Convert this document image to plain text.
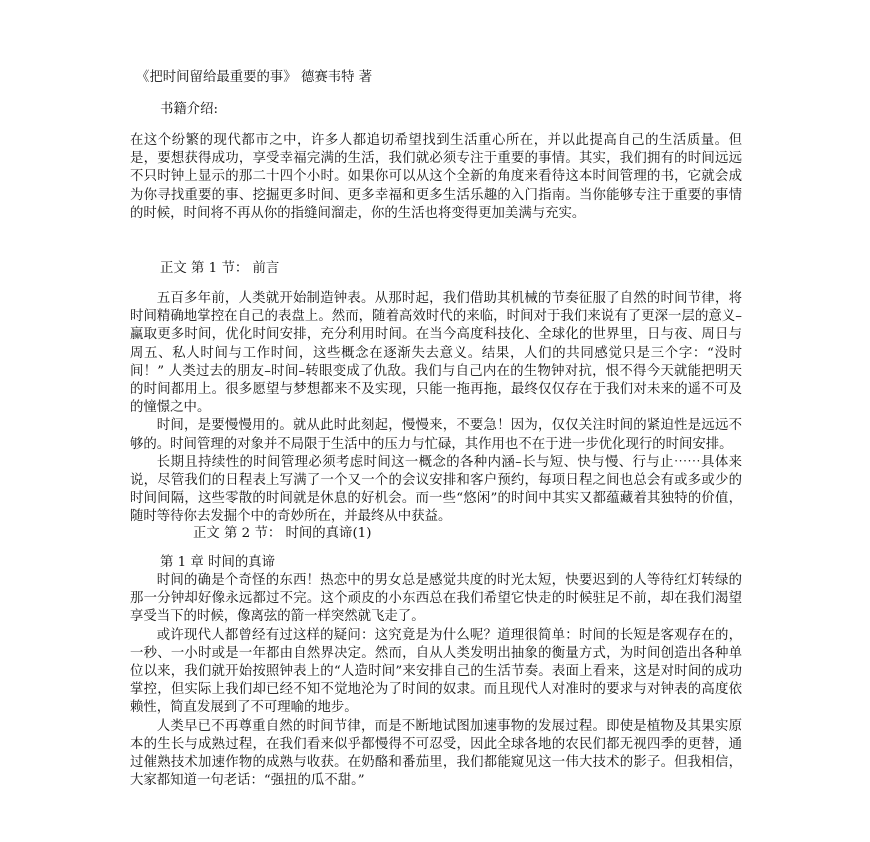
《把时间留给最重要的事》 德赛韦特 著
书籍介绍:

在这个纷繁的现代都市之中，许多人都追切希望找到生活重心所在，并以此提高自己的生活质量。但是，要想获得成功，享受幸福完满的生活，我们就必须专注于重要的事情。其实，我们拥有的时间远远不只时钟上显示的那二十四个小时。如果你可以从这个全新的角度来看待这本时间管理的书，它就会成为你寻找重要的事、挖掘更多时间、更多幸福和更多生活乐趣的入门指南。当你能够专注于重要的事情的时候，时间将不再从你的指缝间溜走，你的生活也将变得更加美满与充实。

正文 第 1 节： 前言

五百多年前，人类就开始制造钟表。从那时起，我们借助其机械的节奏征服了自然的时间节律，将时间精确地掌控在自己的表盘上。然而，随着高效时代的来临，时间对于我们来说有了更深一层的意义–赢取更多时间，优化时间安排，充分利用时间。在当今高度科技化、全球化的世界里，日与夜、周日与周五、私人时间与工作时间，这些概念在逐渐失去意义。结果，人们的共同感觉只是三个字：“没时间！” 人类过去的朋友–时间–转眼变成了仇敌。我们与自己内在的生物钟对抗，恨不得今天就能把明天的时间都用上。很多愿望与梦想都来不及实现，只能一拖再拖，最终仅仅存在于我们对未来的遥不可及的憧憬之中。

时间，是要慢慢用的。就从此时此刻起，慢慢来，不要急！因为，仅仅关注时间的紧迫性是远远不够的。时间管理的对象并不局限于生活中的压力与忙碌，其作用也不在于进一步优化现行的时间安排。

长期且持续性的时间管理必须考虑时间这一概念的各种内涵–长与短、快与慢、行与止⋯⋯具体来说，尽管我们的日程表上写满了一个又一个的会议安排和客户预约，每项日程之间也总会有或多或少的时间间隔，这些零散的时间就是休息的好机会。而一些“悠闲”的时间中其实又都蕴藏着其独特的价值，随时等待你去发掘个中的奇妙所在，并最终从中获益。

正文 第 2 节： 时间的真谛(1)
第 1 章 时间的真谛

时间的确是个奇怪的东西！热恋中的男女总是感觉共度的时光太短，快要迟到的人等待红灯转绿的那一分钟却好像永远都过不完。这个顽皮的小东西总在我们希望它快走的时候驻足不前，却在我们渴望享受当下的时候，像离弦的箭一样突然就飞走了。

或许现代人都曾经有过这样的疑问：这究竟是为什么呢？道理很简单：时间的长短是客观存在的，一秒、一小时或是一年都由自然界决定。然而，自从人类发明出抽象的衡量方式，为时间创造出各种单位以来，我们就开始按照钟表上的“人造时间”来安排自己的生活节奏。表面上看来，这是对时间的成功掌控，但实际上我们却已经不知不觉地沦为了时间的奴隶。而且现代人对准时的要求与对钟表的高度依赖性，简直发展到了不可理喻的地步。

人类早已不再尊重自然的时间节律，而是不断地试图加速事物的发展过程。即使是植物及其果实原本的生长与成熟过程，在我们看来似乎都慢得不可忍受，因此全球各地的农民们都无视四季的更替，通过催熟技术加速作物的成熟与收获。在奶酪和番茄里，我们都能窥见这一伟大技术的影子。但我相信，大家都知道一句老话：“强扭的瓜不甜。”
